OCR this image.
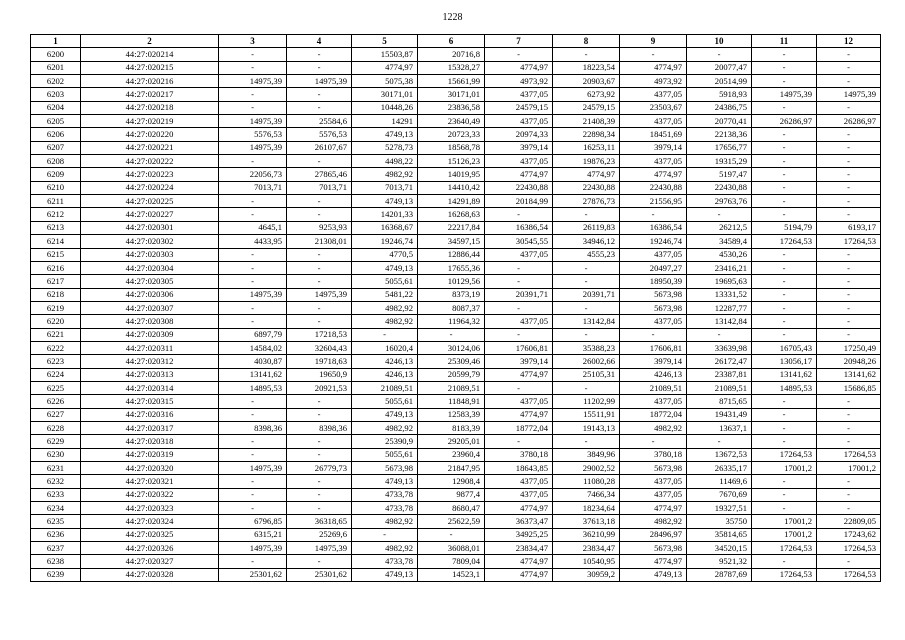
1228
1	2	3	4	5	6	7	8	9	10	11	12
6200	44:27:020214	-	-	15503,87	20716,8	-	-	-	-	-	-
6201	44:27:020215	-	-	4774,97	15328,27	4774,97	18223,54	4774,97	20077,47	-	-
6202	44:27:020216	14975,39	14975,39	5075,38	15661,99	4973,92	20903,67	4973,92	20514,99	-	-
6203	44:27:020217	-	-	30171,01	30171,01	4377,05	6273,92	4377,05	5918,93	14975,39	14975,39
6204	44:27:020218	-	-	10448,26	23836,58	24579,15	24579,15	23503,67	24386,75	-	-
6205	44:27:020219	14975,39	25584,6	14291	23640,49	4377,05	21408,39	4377,05	20770,41	26286,97	26286,97
6206	44:27:020220	5576,53	5576,53	4749,13	20723,33	20974,33	22898,34	18451,69	22138,36	-	-
6207	44:27:020221	14975,39	26107,67	5278,73	18568,78	3979,14	16253,11	3979,14	17656,77	-	-
6208	44:27:020222	-	-	4498,22	15126,23	4377,05	19876,23	4377,05	19315,29	-	-
6209	44:27:020223	22056,73	27865,46	4982,92	14019,95	4774,97	4774,97	4774,97	5197,47	-	-
6210	44:27:020224	7013,71	7013,71	7013,71	14410,42	22430,88	22430,88	22430,88	22430,88	-	-
6211	44:27:020225	-	-	4749,13	14291,89	20184,99	27876,73	21556,95	29763,76	-	-
6212	44:27:020227	-	-	14201,33	16268,63	-	-	-	-	-	-
6213	44:27:020301	4645,1	9253,93	16368,67	22217,84	16386,54	26119,83	16386,54	26212,5	5194,79	6193,17
6214	44:27:020302	4433,95	21308,01	19246,74	34597,15	30545,55	34946,12	19246,74	34589,4	17264,53	17264,53
6215	44:27:020303	-	-	4770,5	12886,44	4377,05	4555,23	4377,05	4530,26	-	-
6216	44:27:020304	-	-	4749,13	17655,36	-	-	20497,27	23416,21	-	-
6217	44:27:020305	-	-	5055,61	10129,56	-	-	18950,39	19695,63	-	-
6218	44:27:020306	14975,39	14975,39	5481,22	8373,19	20391,71	20391,71	5673,98	13331,52	-	-
6219	44:27:020307	-	-	4982,92	8087,37	-	-	5673,98	12287,77	-	-
6220	44:27:020308	-	-	4982,92	11964,32	4377,05	13142,84	4377,05	13142,84	-	-
6221	44:27:020309	6897,79	17218,53	-	-	-	-	-	-	-	-
6222	44:27:020311	14584,02	32604,43	16020,4	30124,06	17606,81	35388,23	17606,81	33639,98	16705,43	17250,49
6223	44:27:020312	4030,87	19718,63	4246,13	25309,46	3979,14	26002,66	3979,14	26172,47	13056,17	20948,26
6224	44:27:020313	13141,62	19650,9	4246,13	20599,79	4774,97	25105,31	4246,13	23387,81	13141,62	13141,62
6225	44:27:020314	14895,53	20921,53	21089,51	21089,51	-	-	21089,51	21089,51	14895,53	15686,85
6226	44:27:020315	-	-	5055,61	11848,91	4377,05	11202,99	4377,05	8715,65	-	-
6227	44:27:020316	-	-	4749,13	12583,39	4774,97	15511,91	18772,04	19431,49	-	-
6228	44:27:020317	8398,36	8398,36	4982,92	8183,39	18772,04	19143,13	4982,92	13637,1	-	-
6229	44:27:020318	-	-	25390,9	29205,01	-	-	-	-	-	-
6230	44:27:020319	-	-	5055,61	23960,4	3780,18	3849,96	3780,18	13672,53	17264,53	17264,53
6231	44:27:020320	14975,39	26779,73	5673,98	21847,95	18643,85	29002,52	5673,98	26335,17	17001,2	17001,2
6232	44:27:020321	-	-	4749,13	12908,4	4377,05	11080,28	4377,05	11469,6	-	-
6233	44:27:020322	-	-	4733,78	9877,4	4377,05	7466,34	4377,05	7670,69	-	-
6234	44:27:020323	-	-	4733,78	8680,47	4774,97	18234,64	4774,97	19327,51	-	-
6235	44:27:020324	6796,85	36318,65	4982,92	25622,59	36373,47	37613,18	4982,92	35750	17001,2	22809,05
6236	44:27:020325	6315,21	25269,6	-	-	34925,25	36210,99	28496,97	35814,65	17001,2	17243,62
6237	44:27:020326	14975,39	14975,39	4982,92	36088,01	23834,47	23834,47	5673,98	34520,15	17264,53	17264,53
6238	44:27:020327	-	-	4733,78	7809,04	4774,97	10540,95	4774,97	9521,32	-	-
6239	44:27:020328	25301,62	25301,62	4749,13	14523,1	4774,97	30959,2	4749,13	28787,69	17264,53	17264,53
